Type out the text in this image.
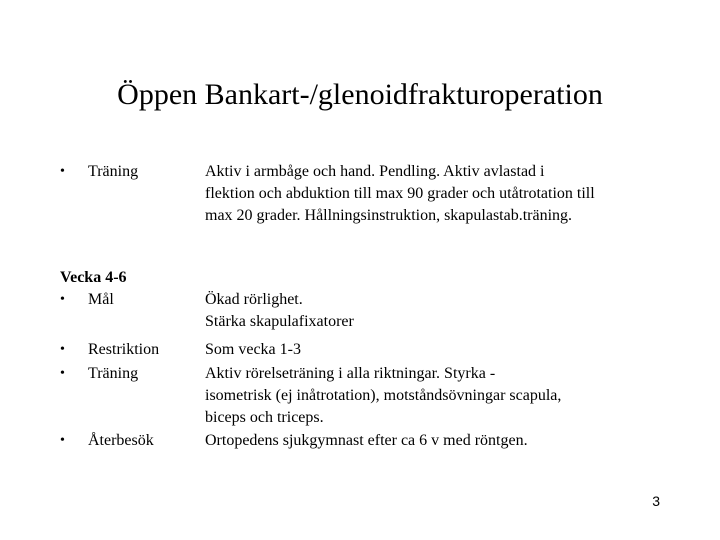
Öppen Bankart-/glenoidfrakturoperation
• Träning	Aktiv i armbåge och hand. Pendling. Aktiv avlastad i
flektion och abduktion till max 90 grader och utåtrotation till
max 20 grader. Hållningsinstruktion, skapulastab.träning.
Vecka 4-6
• Mål	Ökad rörlighet.
Stärka skapulafixatorer
• Restriktion	Som vecka 1-3
• Träning	Aktiv rörelseträning i alla riktningar. Styrka -
isometrisk (ej inåtrotation), motståndsövningar scapula,
biceps och triceps.
• Återbesök	Ortopedens sjukgymnast efter ca 6 v med röntgen.
3
